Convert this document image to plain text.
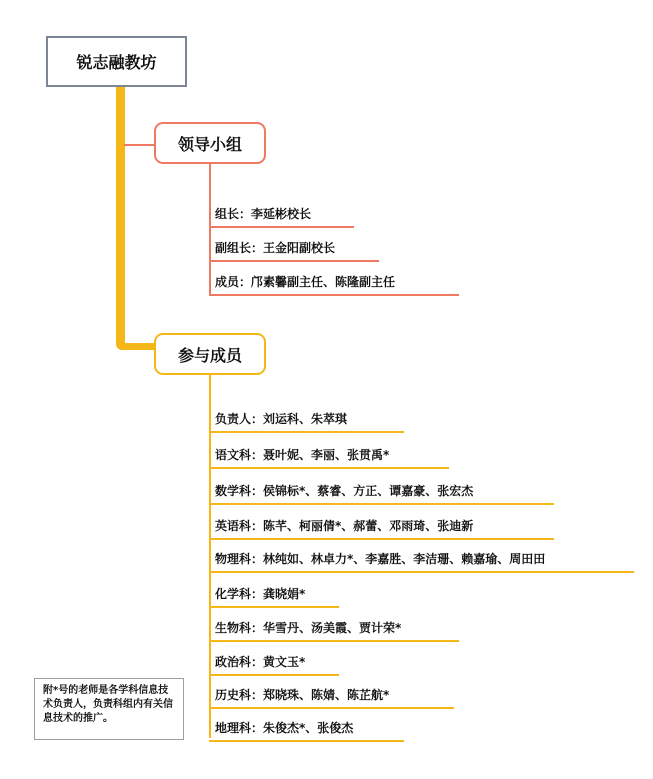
锐志融教坊
领导小组
组长：李延彬校长
副组长：王金阳副校长
成员：邝素馨副主任、陈隆副主任
参与成员
负责人：刘运科、朱萃琪
语文科：聂叶妮、李丽、张贯禹*
数学科：侯锦标*、蔡睿、方正、谭嘉豪、张宏杰
英语科：陈芊、柯丽倩*、郝蕾、邓雨琦、张迪新
物理科：林纯如、林卓力*、李嘉胜、李洁珊、赖嘉瑜、周田田
化学科：龚晓娟*
生物科：华雪丹、汤美霞、贾计荣*
政治科：黄文玉*
历史科：郑晓珠、陈婧、陈芷航*
地理科：朱俊杰*、张俊杰
附*号的老师是各学科信息技术负责人，负责科组内有关信息技术的推广。
